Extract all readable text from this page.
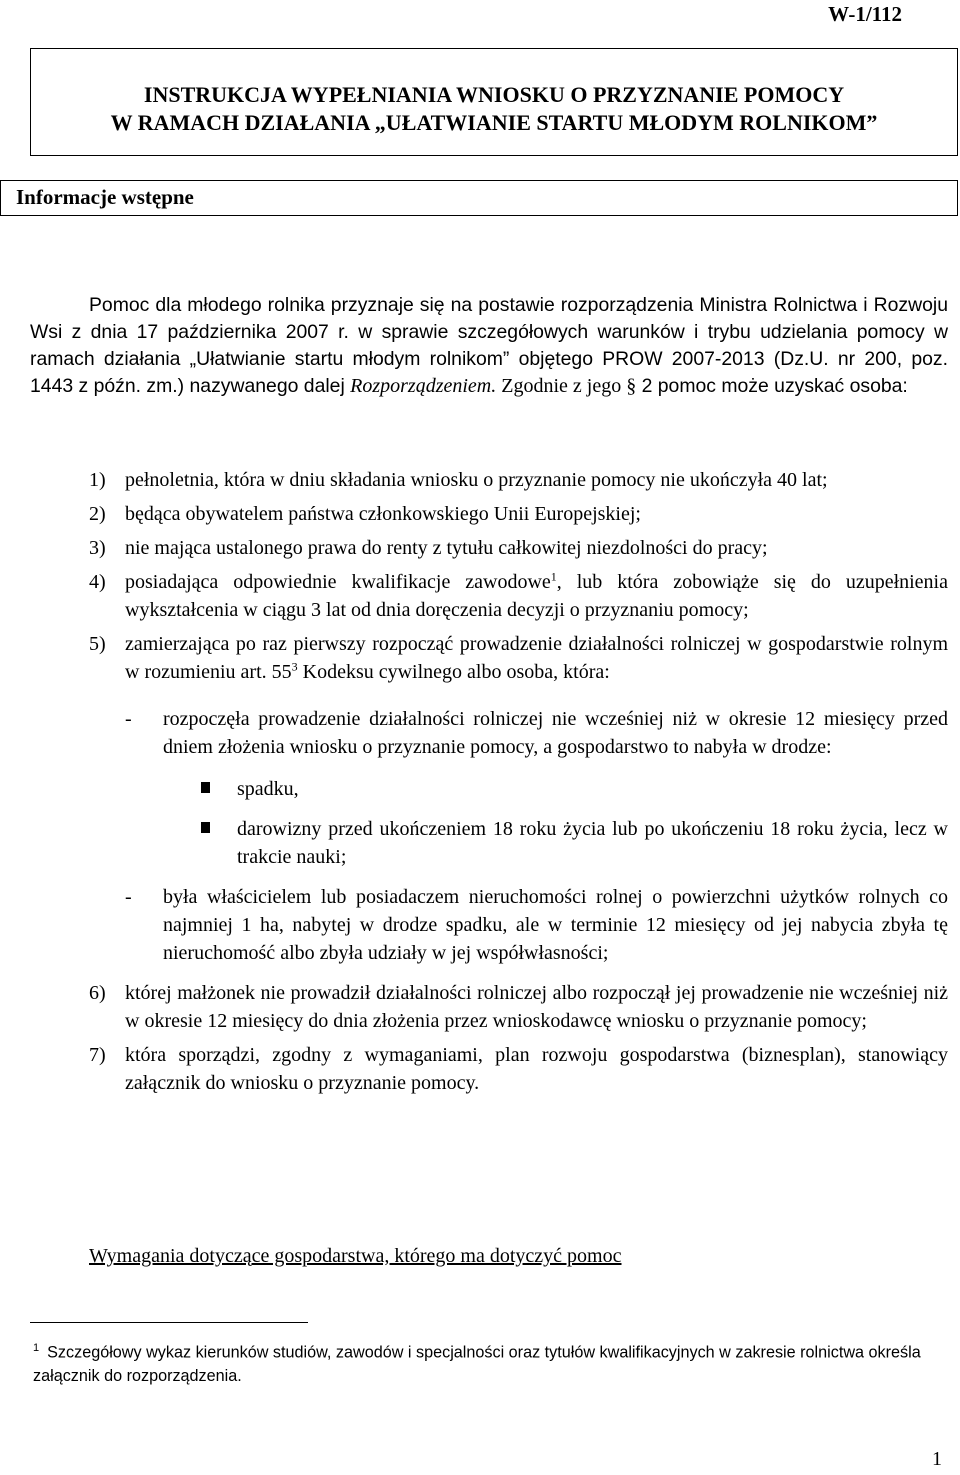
W-1/112
INSTRUKCJA WYPEŁNIANIA WNIOSKU O PRZYZNANIE POMOCY
W RAMACH DZIAŁANIA „UŁATWIANIE STARTU MŁODYM ROLNIKOM”
Informacje wstępne

Pomoc dla młodego rolnika przyznaje się na postawie rozporządzenia Ministra Rolnictwa i Rozwoju Wsi z dnia 17 października 2007 r. w sprawie szczegółowych warunków i trybu udzielania pomocy w ramach działania „Ułatwianie startu młodym rolnikom” objętego PROW 2007-2013 (Dz.U. nr 200, poz. 1443 z późn. zm.) nazywanego dalej Rozporządzeniem. Zgodnie z jego § 2 pomoc może uzyskać osoba:

1) pełnoletnia, która w dniu składania wniosku o przyznanie pomocy nie ukończyła 40 lat;
2) będąca obywatelem państwa członkowskiego Unii Europejskiej;
3) nie mająca ustalonego prawa do renty z tytułu całkowitej niezdolności do pracy;
4) posiadająca odpowiednie kwalifikacje zawodowe$^1$, lub która zobowiąże się do uzupełnienia wykształcenia w ciągu 3 lat od dnia doręczenia decyzji o przyznaniu pomocy;
5) zamierzająca po raz pierwszy rozpocząć prowadzenie działalności rolniczej w gospodarstwie rolnym w rozumieniu art. $55^3$ Kodeksu cywilnego albo osoba, która:
- rozpoczęła prowadzenie działalności rolniczej nie wcześniej niż w okresie 12 miesięcy przed dniem złożenia wniosku o przyznanie pomocy, a gospodarstwo to nabyła w drodze:
spadku,
darowizny przed ukończeniem 18 roku życia lub po ukończeniu 18 roku życia, lecz w trakcie nauki;
- była właścicielem lub posiadaczem nieruchomości rolnej o powierzchni użytków rolnych co najmniej 1 ha, nabytej w drodze spadku, ale w terminie 12 miesięcy od jej nabycia zbyła tę nieruchomość albo zbyła udziały w jej współwłasności;
6) której małżonek nie prowadził działalności rolniczej albo rozpoczął jej prowadzenie nie wcześniej niż w okresie 12 miesięcy do dnia złożenia przez wnioskodawcę wniosku o przyznanie pomocy;
7) która sporządzi, zgodny z wymaganiami, plan rozwoju gospodarstwa (biznesplan), stanowiący załącznik do wniosku o przyznanie pomocy.
Wymagania dotyczące gospodarstwa, którego ma dotyczyć pomoc

$^1$ Szczegółowy wykaz kierunków studiów, zawodów i specjalności oraz tytułów kwalifikacyjnych w zakresie rolnictwa określa załącznik do rozporządzenia.

1
